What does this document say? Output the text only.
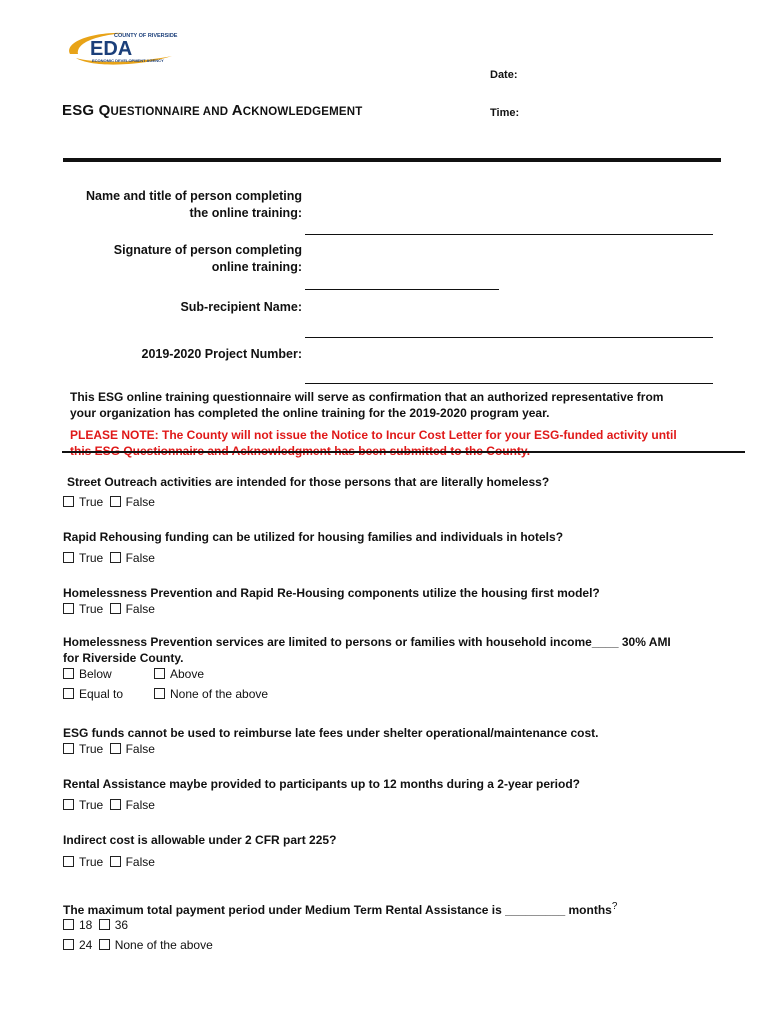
COUNTY OF RIVERSIDE
EDA
ECONOMIC DEVELOPMENT AGENCY
Date:
ESG QUESTIONNAIRE AND ACKNOWLEDGEMENT	Time:
Name and title of person completing
the online training:
Signature of person completing
online training:
Sub-recipient Name:
2019-2020 Project Number:
This ESG online training questionnaire will serve as confirmation that an authorized representative from
your organization has completed the online training for the 2019-2020 program year.
PLEASE NOTE: The County will not issue the Notice to Incur Cost Letter for your ESG-funded activity until
Street Outreach activities are intended for those persons that are literally homeless?
True False
Rapid Rehousing funding can be utilized for housing families and individuals in hotels?
True False
Homelessness Prevention and Rapid Re-Housing components utilize the housing first model?
True False
Homelessness Prevention services are limited to persons or families with household income____ 30% AMI
for Riverside County.
Below	Above
Equal to	None of the above
ESG funds cannot be used to reimburse late fees under shelter operational/maintenance cost.
True False
Rental Assistance maybe provided to participants up to 12 months during a 2-year period?
True False
Indirect cost is allowable under 2 CFR part 225?
True False
The maximum total payment period under Medium Term Rental Assistance is _________ months?
18 36
24 None of the above
